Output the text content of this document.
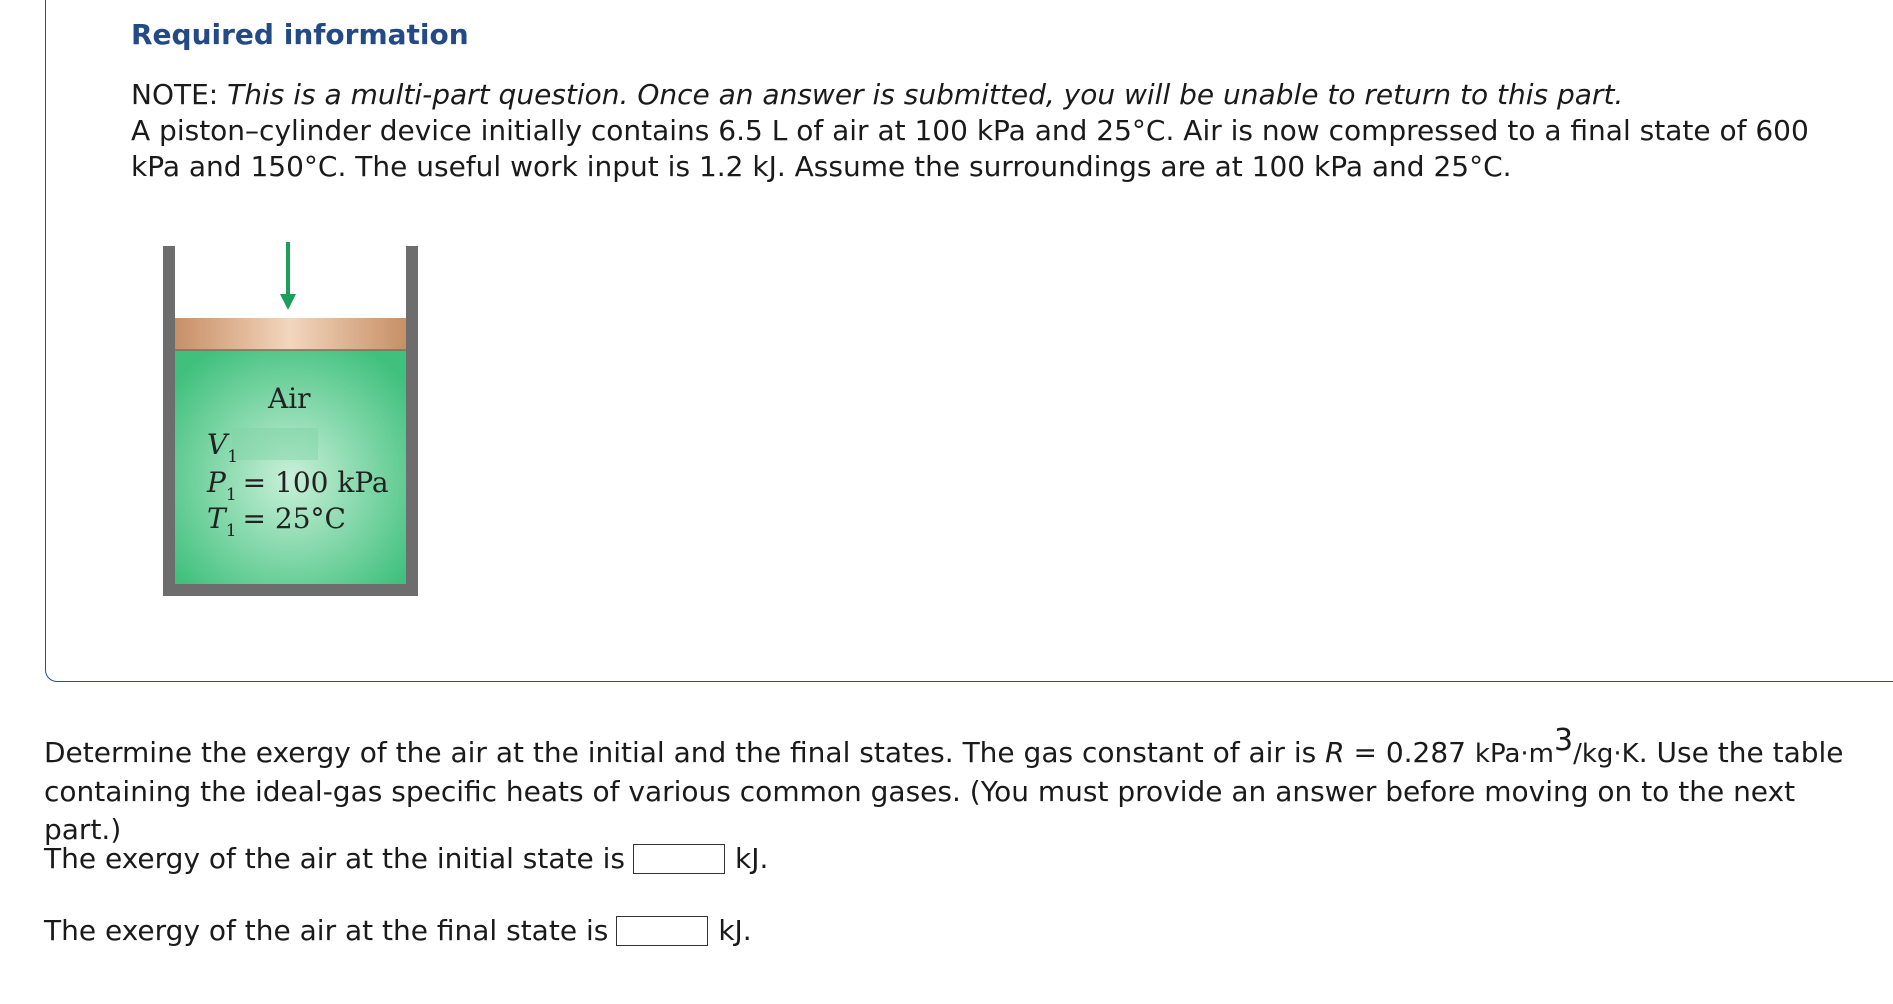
Required information

NOTE: This is a multi-part question. Once an answer is submitted, you will be unable to return to this part.

A piston–cylinder device initially contains 6.5 L of air at 100 kPa and 25°C. Air is now compressed to a final state of 600 kPa and 150°C. The useful work input is 1.2 kJ. Assume the surroundings are at 100 kPa and 25°C.

Air
$V_1$
$P_1 = 100$ kPa
$T_1 = 25^\circ C$

Determine the exergy of the air at the initial and the final states. The gas constant of air is R = 0.287 kPa·m3/kg·K. Use the table containing the ideal-gas specific heats of various common gases. (You must provide an answer before moving on to the next part.)

The exergy of the air at the initial state is	kJ.
The exergy of the air at the final state is	kJ.
